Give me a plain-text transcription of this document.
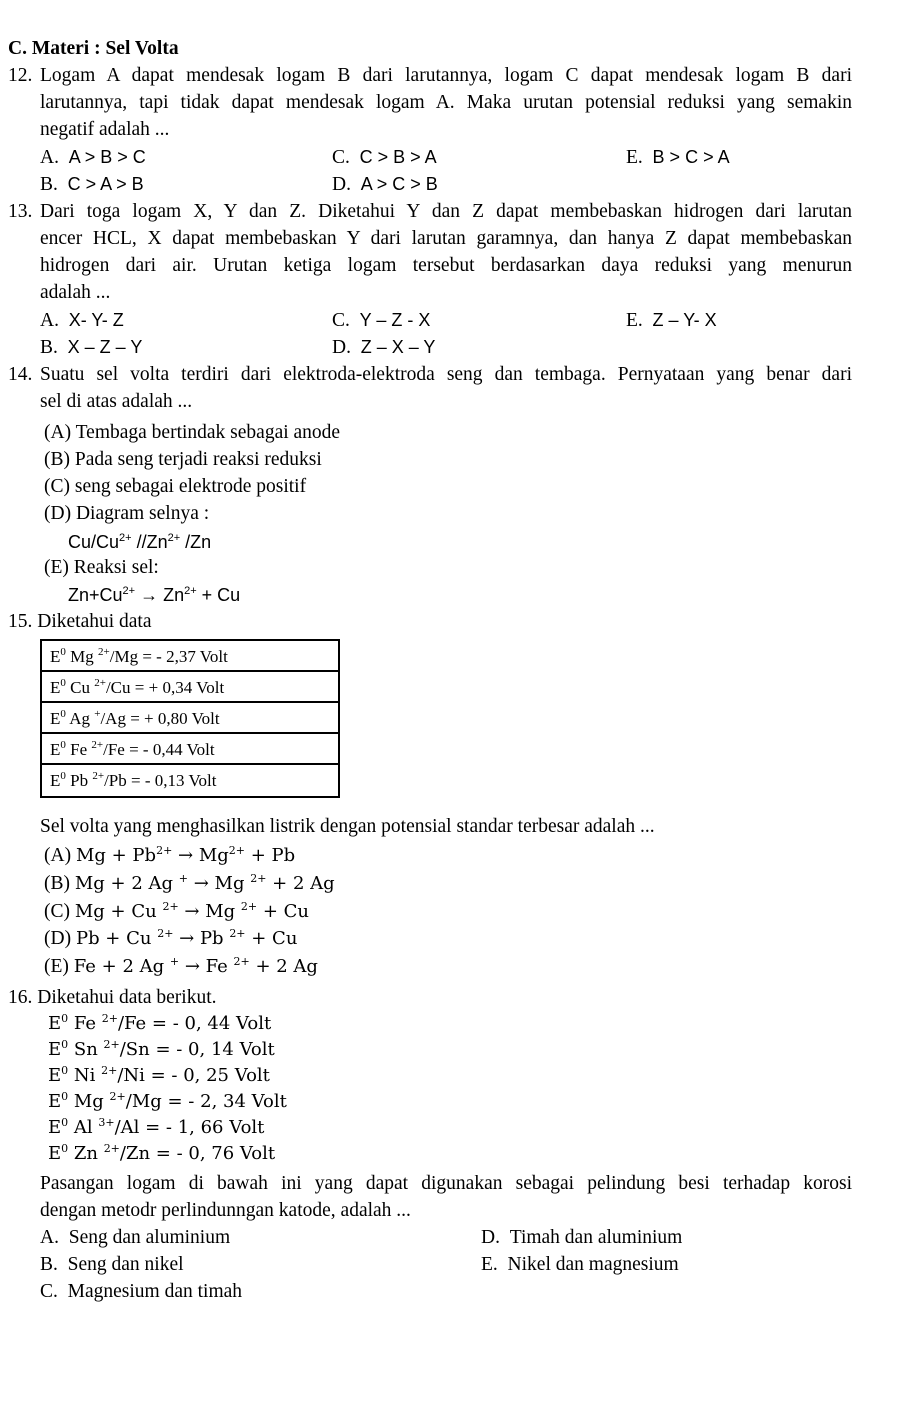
C. Materi : Sel Volta
12. Logam A dapat mendesak logam B dari larutannya, logam C dapat mendesak logam B dari
larutannya, tapi tidak dapat mendesak logam A. Maka urutan potensial reduksi yang semakin
negatif adalah ...
A. A > B > C	C. C > B > A	E. B > C > A
B. C > A > B	D. A > C > B
13. Dari toga logam X, Y dan Z. Diketahui Y dan Z dapat membebaskan hidrogen dari larutan
encer HCL, X dapat membebaskan Y dari larutan garamnya, dan hanya Z dapat membebaskan
hidrogen dari air. Urutan ketiga logam tersebut berdasarkan daya reduksi yang menurun
adalah ...
A. X- Y- Z	C. Y – Z - X	E. Z – Y- X
B. X – Z – Y	D. Z – X – Y
14. Suatu sel volta terdiri dari elektroda-elektroda seng dan tembaga. Pernyataan yang benar dari
sel di atas adalah ...
(A) Tembaga bertindak sebagai anode
(B) Pada seng terjadi reaksi reduksi
(C) seng sebagai elektrode positif
(D) Diagram selnya :
$Cu/Cu^{2+}$ $//Zn^{2+}$ /Zn
(E) Reaksi sel:
$Zn+Cu^{2+} \to Zn^{2+} + Cu$
15. Diketahui data
$E^0$ Mg $^{2+}$/Mg = - 2,37 Volt
$E^0$ Cu $^{2+}$/Cu = + 0,34 Volt
$E^0$ Ag +/Ag = + 0,80 Volt
$E^0$ Fe $^{2+}$/Fe = - 0,44 Volt
$E^0$ Pb $^{2+}$/Pb = - 0,13 Volt
Sel volta yang menghasilkan listrik dengan potensial standar terbesar adalah ...
(A) $Mg + Pb^{2+} \to Mg^{2+} + Pb$
(B) Mg + 2 Ag + → Mg $^{2+}$ + 2 Ag
(C) Mg + Cu $^{2+}$ → Mg $^{2+}$ + Cu
(D) Pb + Cu $^{2+}$ → Pb $^{2+}$ + Cu
(E) Fe + 2 Ag + → Fe $^{2+}$ + 2 Ag
16. Diketahui data berikut.
$E^0$ Fe $^{2+}$/Fe = - 0, 44 Volt
$E^0$ Sn $^{2+}$/Sn = - 0, 14 Volt
$E^0$ Ni $^{2+}$/Ni = - 0, 25 Volt
$E^0$ Mg $^{2+}$/Mg = - 2, 34 Volt
$E^0$ Al $^{3+}$/Al = - 1, 66 Volt
$E^0$ Zn $^{2+}$/Zn = - 0, 76 Volt
Pasangan logam di bawah ini yang dapat digunakan sebagai pelindung besi terhadap korosi
dengan metodr perlindunngan katode, adalah ...
A. Seng dan aluminium	D. Timah dan aluminium
B. Seng dan nikel	E. Nikel dan magnesium
C. Magnesium dan timah
